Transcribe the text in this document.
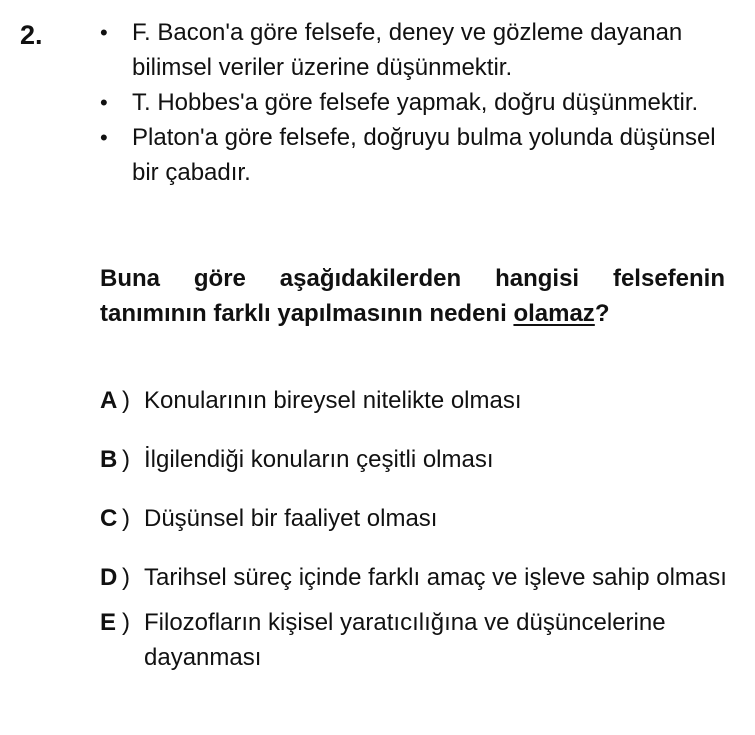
2.	• F. Bacon'a göre felsefe, deney ve gözleme dayanan bilimsel veriler üzerine düşünmektir.
• T. Hobbes'a göre felsefe yapmak, doğru düşünmektir.
• Platon'a göre felsefe, doğruyu bulma yolunda düşünsel bir çabadır.

Buna göre aşağıdakilerden hangisi felsefenin tanımının farklı yapılmasının nedeni olamaz?

A ) Konularının bireysel nitelikte olması
B ) İlgilendiği konuların çeşitli olması
C ) Düşünsel bir faaliyet olması
D ) Tarihsel süreç içinde farklı amaç ve işleve sahip olması
E ) Filozofların kişisel yaratıcılığına ve düşüncelerine dayanması
